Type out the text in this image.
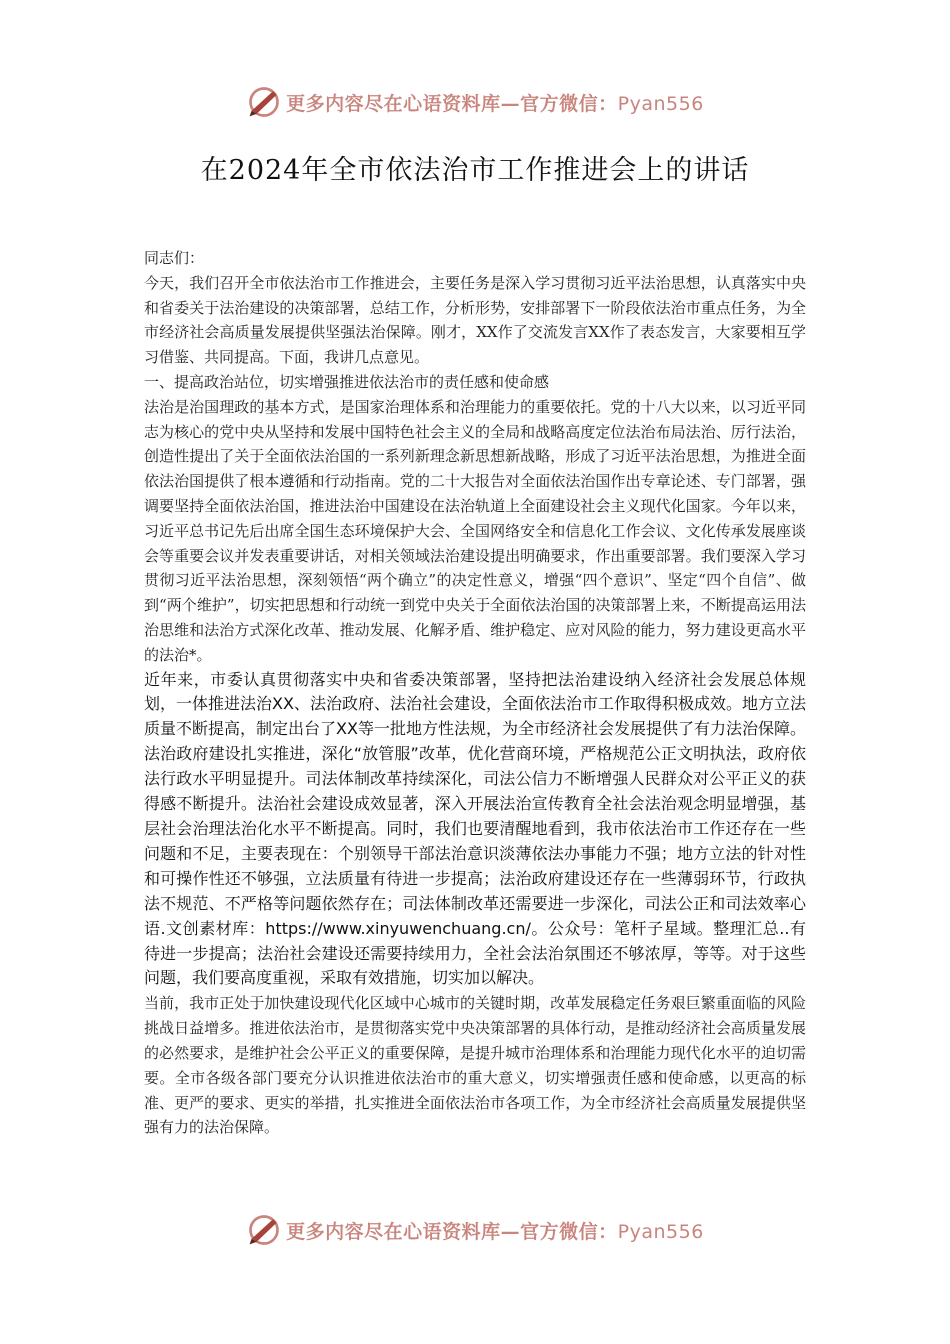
更多内容尽在心语资料库—官方微信：Pyan556
在2024年全市依法治市工作推进会上的讲话

同志们：

今天，我们召开全市依法治市工作推进会，主要任务是深入学习贯彻习近平法治思想，认真落实中央和省委关于法治建设的决策部署，总结工作，分析形势，安排部署下一阶段依法治市重点任务，为全市经济社会高质量发展提供坚强法治保障。刚才，XX作了交流发言XX作了表态发言，大家要相互学习借鉴、共同提高。下面，我讲几点意见。

一、提高政治站位，切实增强推进依法治市的责任感和使命感

法治是治国理政的基本方式，是国家治理体系和治理能力的重要依托。党的十八大以来，以习近平同志为核心的党中央从坚持和发展中国特色社会主义的全局和战略高度定位法治布局法治、厉行法治，创造性提出了关于全面依法治国的一系列新理念新思想新战略，形成了习近平法治思想，为推进全面依法治国提供了根本遵循和行动指南。党的二十大报告对全面依法治国作出专章论述、专门部署，强调要坚持全面依法治国，推进法治中国建设在法治轨道上全面建设社会主义现代化国家。今年以来，习近平总书记先后出席全国生态环境保护大会、全国网络安全和信息化工作会议、文化传承发展座谈会等重要会议并发表重要讲话，对相关领域法治建设提出明确要求，作出重要部署。我们要深入学习贯彻习近平法治思想，深刻领悟“两个确立”的决定性意义，增强“四个意识”、坚定“四个自信”、做到“两个维护”，切实把思想和行动统一到党中央关于全面依法治国的决策部署上来，不断提高运用法治思维和法治方式深化改革、推动发展、化解矛盾、维护稳定、应对风险的能力，努力建设更高水平的法治*。

近年来，市委认真贯彻落实中央和省委决策部署，坚持把法治建设纳入经济社会发展总体规划，一体推进法治XX、法治政府、法治社会建设，全面依法治市工作取得积极成效。地方立法质量不断提高，制定出台了XX等一批地方性法规，为全市经济社会发展提供了有力法治保障。法治政府建设扎实推进，深化“放管服”改革，优化营商环境，严格规范公正文明执法，政府依法行政水平明显提升。司法体制改革持续深化，司法公信力不断增强人民群众对公平正义的获得感不断提升。法治社会建设成效显著，深入开展法治宣传教育全社会法治观念明显增强，基层社会治理法治化水平不断提高。同时，我们也要清醒地看到，我市依法治市工作还存在一些问题和不足，主要表现在：个别领导干部法治意识淡薄依法办事能力不强；地方立法的针对性和可操作性还不够强，立法质量有待进一步提高；法治政府建设还存在一些薄弱环节，行政执法不规范、不严格等问题依然存在；司法体制改革还需要进一步深化，司法公正和司法效率心语.文创素材库：https://www.xinyuwenchuang.cn/。公众号：笔杆子星域。整理汇总..有待进一步提高；法治社会建设还需要持续用力，全社会法治氛围还不够浓厚，等等。对于这些问题，我们要高度重视，采取有效措施，切实加以解决。

当前，我市正处于加快建设现代化区域中心城市的关键时期，改革发展稳定任务艰巨繁重面临的风险挑战日益增多。推进依法治市，是贯彻落实党中央决策部署的具体行动，是推动经济社会高质量发展的必然要求，是维护社会公平正义的重要保障，是提升城市治理体系和治理能力现代化水平的迫切需要。全市各级各部门要充分认识推进依法治市的重大意义，切实增强责任感和使命感，以更高的标准、更严的要求、更实的举措，扎实推进全面依法治市各项工作，为全市经济社会高质量发展提供坚强有力的法治保障。

更多内容尽在心语资料库—官方微信：Pyan556
